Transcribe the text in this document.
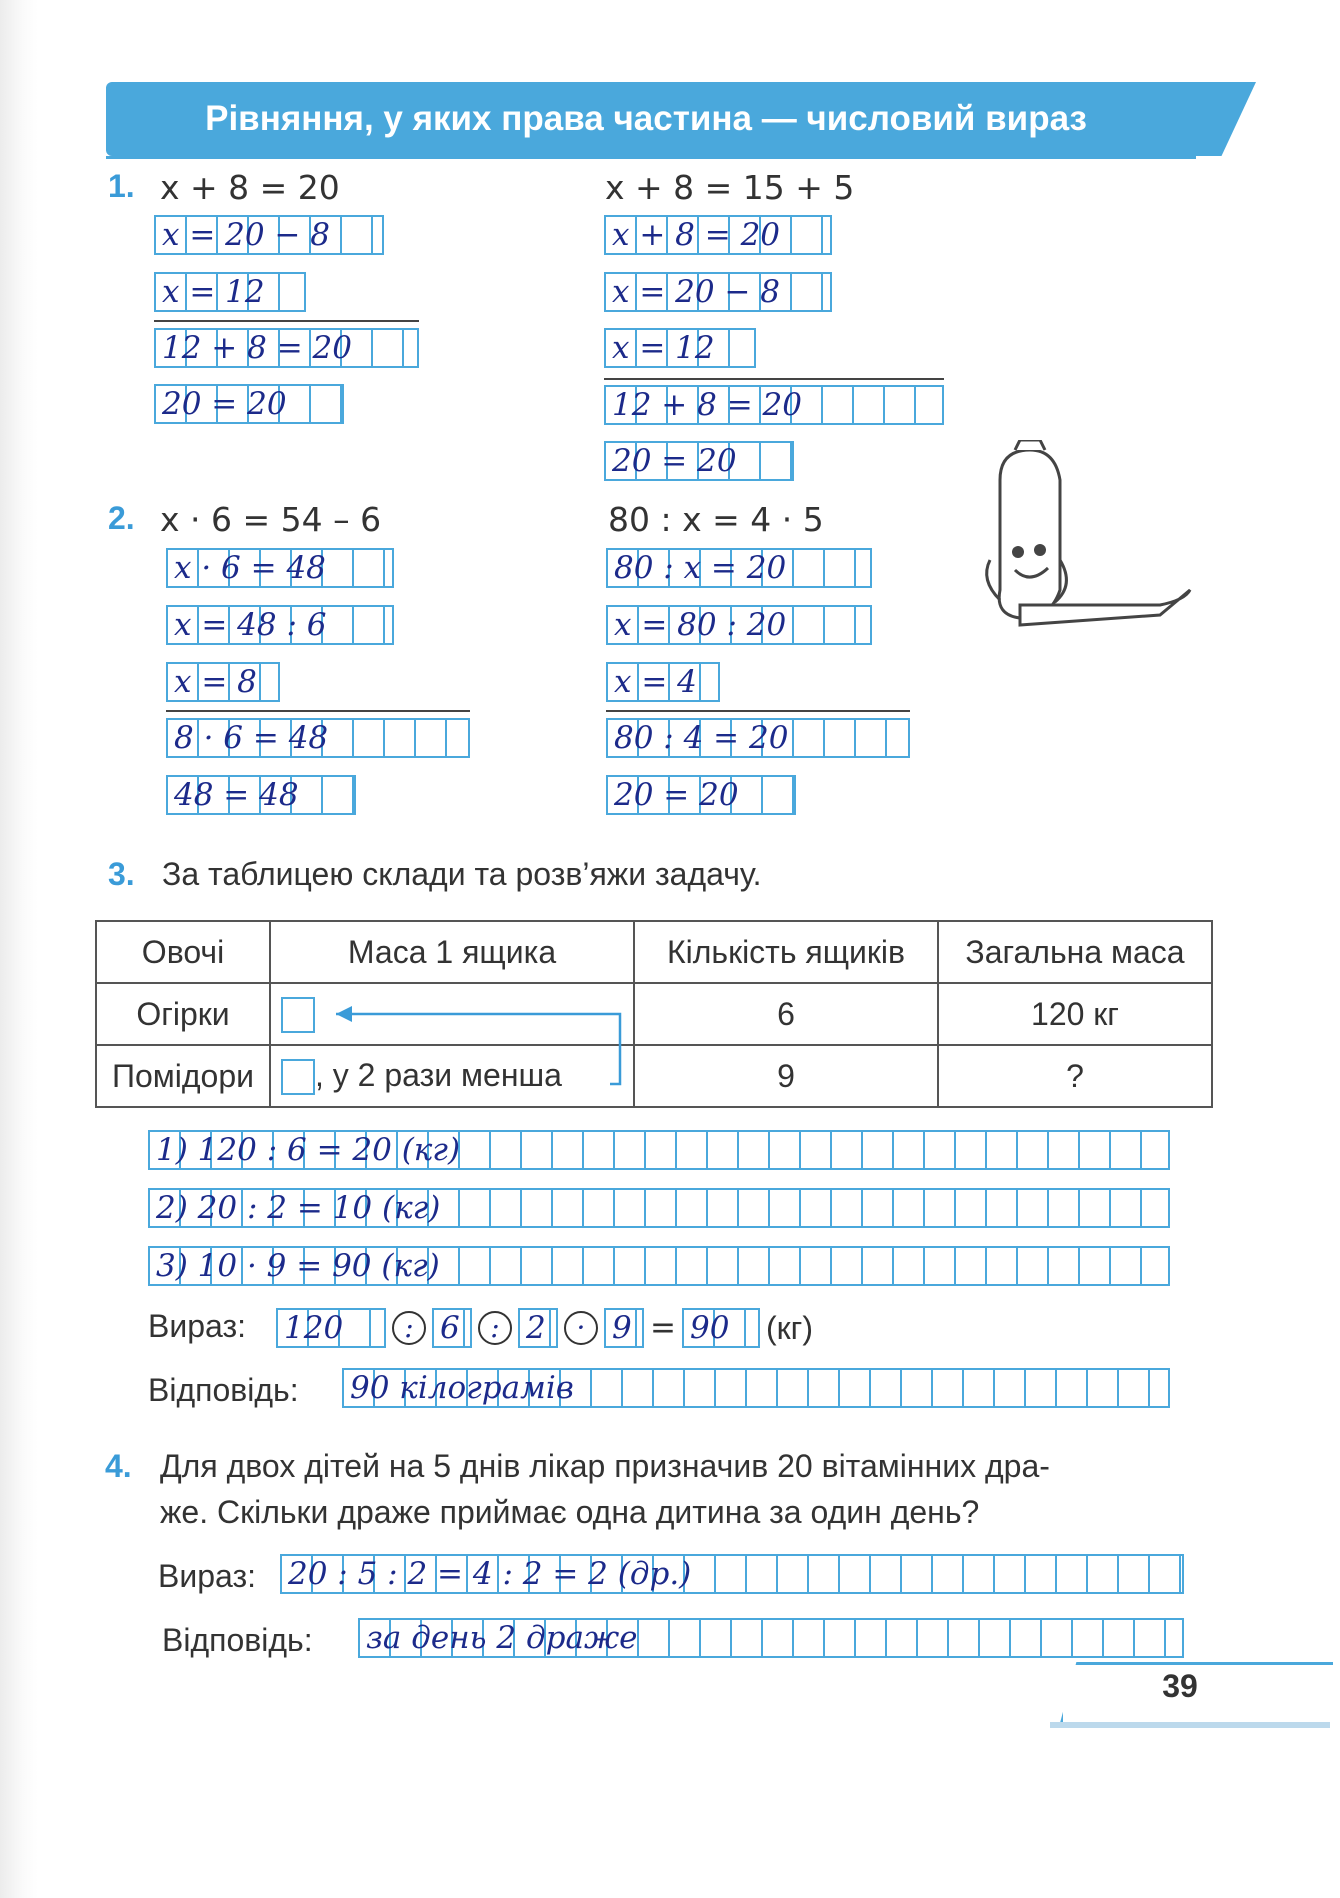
Рівняння, у яких права частина — числовий вираз
1. x + 8 = 20	x + 8 = 15 + 5
x = 20 − 8
x = 12
12 + 8 = 20
20 = 20
x + 8 = 20
x = 20 − 8
x = 12
12 + 8 = 20
20 = 20
2. x · 6 = 54 – 6	80 : x = 4 · 5
x · 6 = 48
x = 48 : 6
x = 8
8 · 6 = 48
48 = 48
80 : x = 20
x = 80 : 20
x = 4
80 : 4 = 20
20 = 20
3. За таблицею склади та розв’яжи задачу.
Овочі	Маса 1 ящика	Кількість ящиків	Загальна маса
Огірки		6	120 кг
Помідори	, у 2 рази менша	9	?
1) 120 : 6 = 20 (кг)
2) 20 : 2 = 10 (кг)
3) 10 · 9 = 90 (кг)
Вираз: 120	: 6	: 2	· 9 = 90	(кг)
Відповідь: 90 кілограмів
4. Для двох дітей на 5 днів лікар призначив 20 вітамінних дра-
же. Скільки драже приймає одна дитина за один день?
Вираз: 20 : 5 : 2 = 4 : 2 = 2 (др.)
Відповідь: за день 2 драже
39
